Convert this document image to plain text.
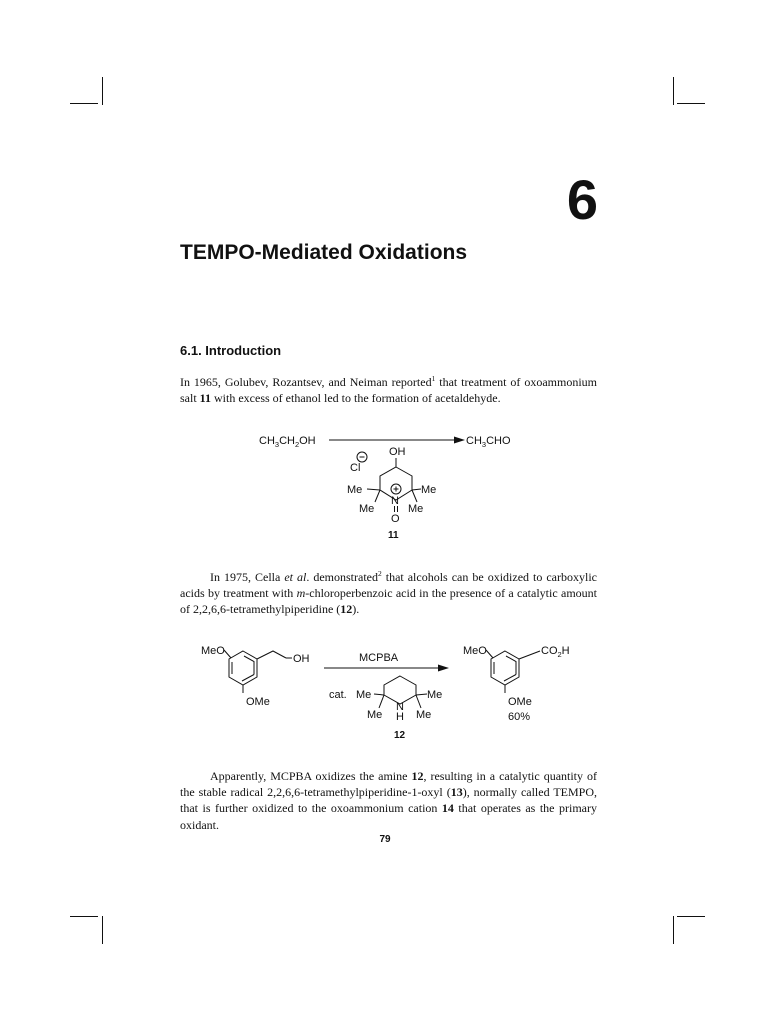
6
TEMPO-Mediated Oxidations
6.1. Introduction

In 1965, Golubev, Rozantsev, and Neiman reported$^1$ that treatment of oxoammonium salt 11 with excess of ethanol led to the formation of acetaldehyde.

$CH_3CH_2OH$	$CH_3CHO$
OH
Cl
Me	Me
Me
N
Me
O
11

In 1975, Cella et al. demonstrated$^2$ that alcohols can be oxidized to carboxylic acids by treatment with m-chloroperbenzoic acid in the presence of a catalytic amount of 2,2,6,6-tetramethylpiperidine (12).

MeO
OH
OMe
MCPBA
cat. Me	Me
Me
N
H Me
12
MeO	$CO_2H$
OMe
60%

Apparently, MCPBA oxidizes the amine 12, resulting in a catalytic quantity of the stable radical 2,2,6,6-tetramethylpiperidine-1-oxyl (13), normally called TEMPO, that is further oxidized to the oxoammonium cation 14 that operates as the primary oxidant.

79
